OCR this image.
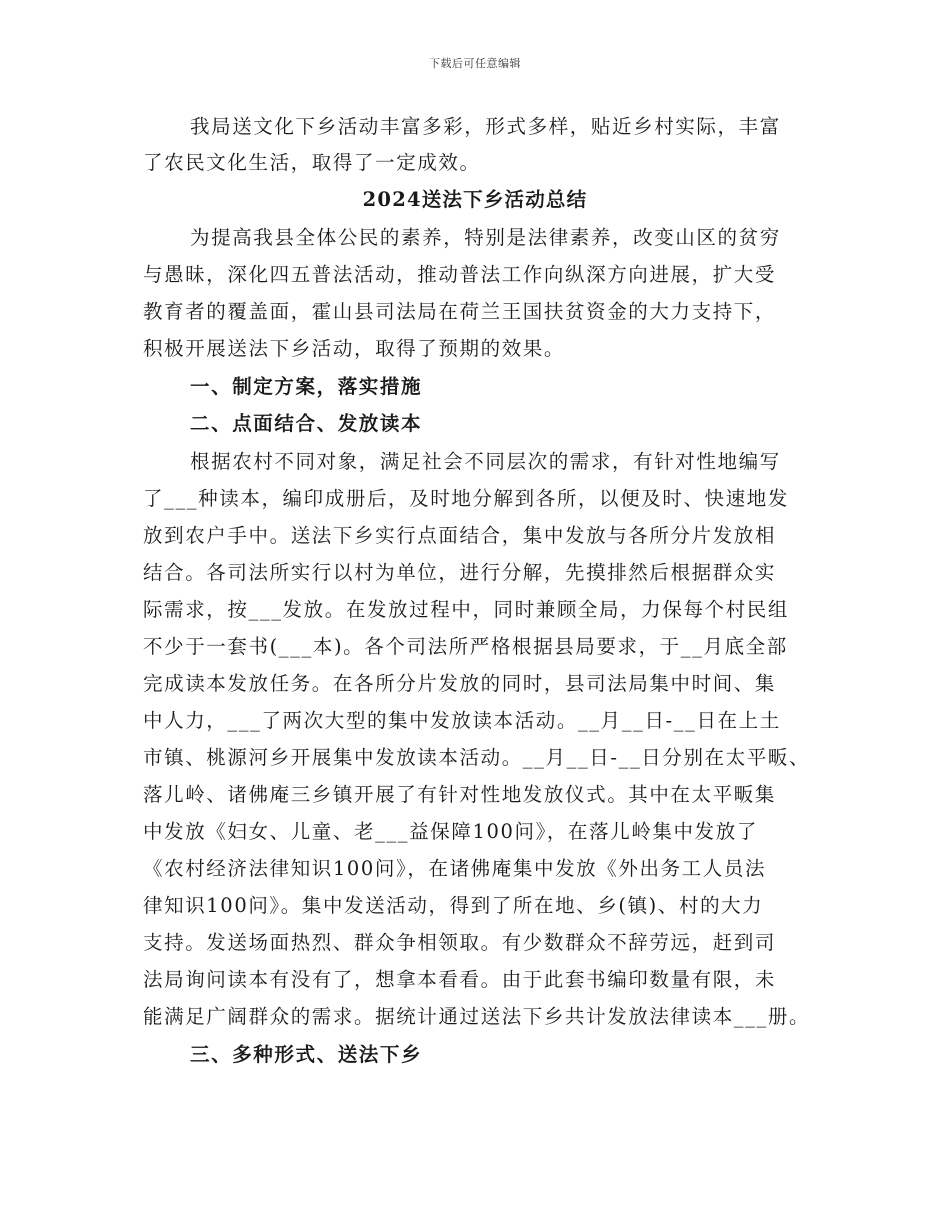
下载后可任意编辑
我局送文化下乡活动丰富多彩，形式多样，贴近乡村实际，丰富
了农民文化生活，取得了一定成效。
2024送法下乡活动总结
为提高我县全体公民的素养，特别是法律素养，改变山区的贫穷
与愚昧，深化四五普法活动，推动普法工作向纵深方向进展，扩大受
教育者的覆盖面，霍山县司法局在荷兰王国扶贫资金的大力支持下，
积极开展送法下乡活动，取得了预期的效果。
一、制定方案，落实措施
二、点面结合、发放读本
根据农村不同对象，满足社会不同层次的需求，有针对性地编写
了___种读本，编印成册后，及时地分解到各所，以便及时、快速地发
放到农户手中。送法下乡实行点面结合，集中发放与各所分片发放相
结合。各司法所实行以村为单位，进行分解，先摸排然后根据群众实
际需求，按___发放。在发放过程中，同时兼顾全局，力保每个村民组
不少于一套书(___本)。各个司法所严格根据县局要求，于__月底全部
完成读本发放任务。在各所分片发放的同时，县司法局集中时间、集
中人力，___了两次大型的集中发放读本活动。__月__日-__日在上土
市镇、桃源河乡开展集中发放读本活动。__月__日-__日分别在太平畈、
落儿岭、诸佛庵三乡镇开展了有针对性地发放仪式。其中在太平畈集
中发放《妇女、儿童、老___益保障100问》，在落儿岭集中发放了
《农村经济法律知识100问》，在诸佛庵集中发放《外出务工人员法
律知识100问》。集中发送活动，得到了所在地、乡(镇)、村的大力
支持。发送场面热烈、群众争相领取。有少数群众不辞劳远，赶到司
法局询问读本有没有了，想拿本看看。由于此套书编印数量有限，未
能满足广阔群众的需求。据统计通过送法下乡共计发放法律读本___册。
三、多种形式、送法下乡
